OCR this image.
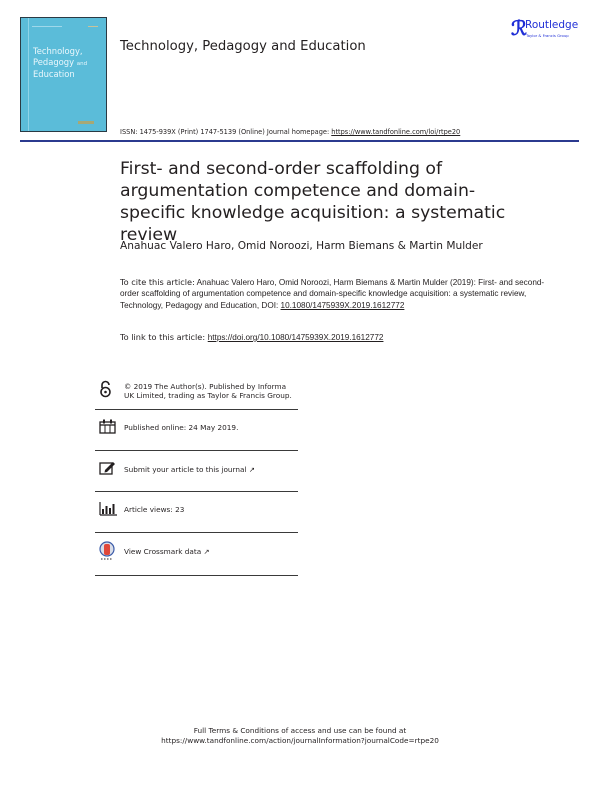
Technology,
Pedagogy and
Education
Technology, Pedagogy and Education
ℛ
Routledge
Taylor & Francis Group
ISSN: 1475-939X (Print) 1747-5139 (Online) Journal homepage: https://www.tandfonline.com/loi/rtpe20
First- and second-order scaffolding of argumentation competence and domain-specific knowledge acquisition: a systematic review
Anahuac Valero Haro, Omid Noroozi, Harm Biemans & Martin Mulder
To cite this article: Anahuac Valero Haro, Omid Noroozi, Harm Biemans & Martin Mulder (2019): First- and second-order scaffolding of argumentation competence and domain-specific knowledge acquisition: a systematic review, Technology, Pedagogy and Education, DOI: 10.1080/1475939X.2019.1612772
To link to this article: https://doi.org/10.1080/1475939X.2019.1612772
© 2019 The Author(s). Published by Informa UK Limited, trading as Taylor & Francis Group.
Published online: 24 May 2019.
Submit your article to this journal ↗
Article views: 23
View Crossmark data ↗
Full Terms & Conditions of access and use can be found at
https://www.tandfonline.com/action/journalInformation?journalCode=rtpe20
